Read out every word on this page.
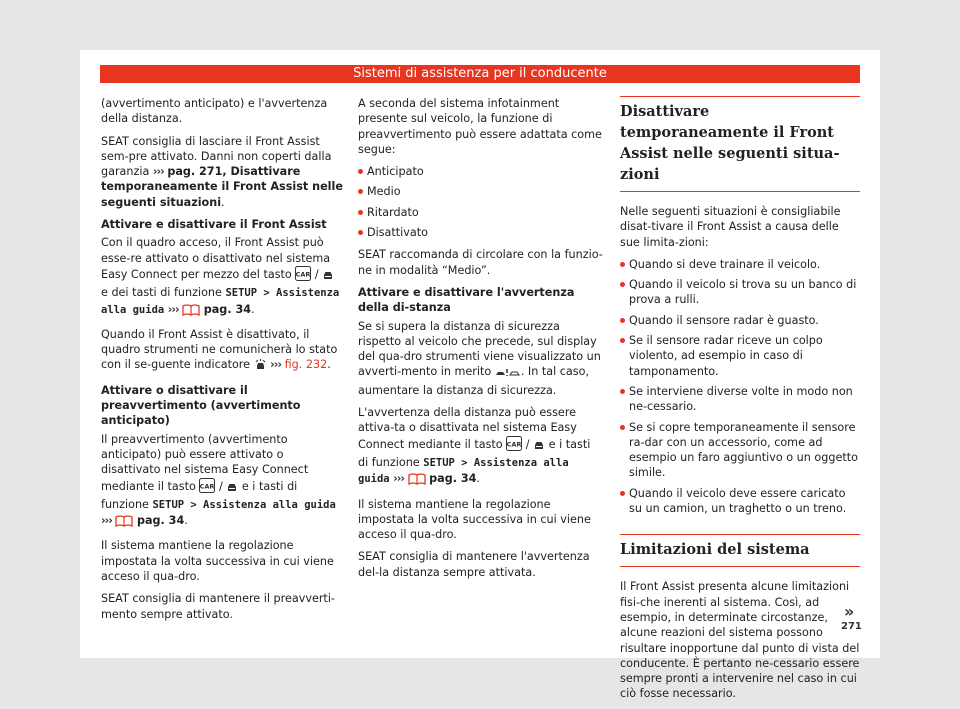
Sistemi di assistenza per il conducente

(avvertimento anticipato) e l'avvertenza della distanza.

SEAT consiglia di lasciare il Front Assist sem-pre attivato. Danni non coperti dalla garanzia ››› pag. 271, Disattivare temporaneamente il Front Assist nelle seguenti situazioni.

Attivare e disattivare il Front Assist

Con il quadro acceso, il Front Assist può esse-re attivato o disattivato nel sistema Easy Connect per mezzo del tasto CAR /  e dei tasti di funzione SETUP > Assistenza alla guida ››› pag. 34.

Quando il Front Assist è disattivato, il quadro strumenti ne comunicherà lo stato con il se-guente indicatore ››› fig. 232.

Attivare o disattivare il preavvertimento (avvertimento anticipato)

Il preavvertimento (avvertimento anticipato) può essere attivato o disattivato nel sistema Easy Connect mediante il tasto CAR /  e i tasti di funzione SETUP > Assistenza alla guida ››› pag. 34.

Il sistema mantiene la regolazione impostata la volta successiva in cui viene acceso il qua-dro.

SEAT consiglia di mantenere il preavverti-mento sempre attivato.

A seconda del sistema infotainment presente sul veicolo, la funzione di preavvertimento può essere adattata come segue:

Anticipato
Medio
Ritardato
Disattivato

SEAT raccomanda di circolare con la funzio-ne in modalità “Medio”.

Attivare e disattivare l'avvertenza della di-stanza

Se si supera la distanza di sicurezza rispetto al veicolo che precede, sul display del qua-dro strumenti viene visualizzato un avverti-mento in merito	. In tal caso, aumentare la distanza di sicurezza.

L'avvertenza della distanza può essere attiva-ta o disattivata nel sistema Easy Connect mediante il tasto CAR /  e i tasti di funzione SETUP > Assistenza alla guida ››› pag. 34.

Il sistema mantiene la regolazione impostata la volta successiva in cui viene acceso il qua-dro.

SEAT consiglia di mantenere l'avvertenza del-la distanza sempre attivata.

Disattivare temporaneamente il Front Assist nelle seguenti situa-zioni

Nelle seguenti situazioni è consigliabile disat-tivare il Front Assist a causa delle sue limita-zioni:

Quando si deve trainare il veicolo.
Quando il veicolo si trova su un banco di prova a rulli.
Quando il sensore radar è guasto.
Se il sensore radar riceve un colpo violento, ad esempio in caso di tamponamento.
Se interviene diverse volte in modo non ne-cessario.
Se si copre temporaneamente il sensore ra-dar con un accessorio, come ad esempio un faro aggiuntivo o un oggetto simile.
Quando il veicolo deve essere caricato su un camion, un traghetto o un treno.
Limitazioni del sistema

Il Front Assist presenta alcune limitazioni fisi-che inerenti al sistema. Così, ad esempio, in determinate circostanze, alcune reazioni del sistema possono risultare inopportune dal punto di vista del conducente. È pertanto ne-cessario essere sempre pronti a intervenire nel caso in cui ciò fosse necessario.

»
271
